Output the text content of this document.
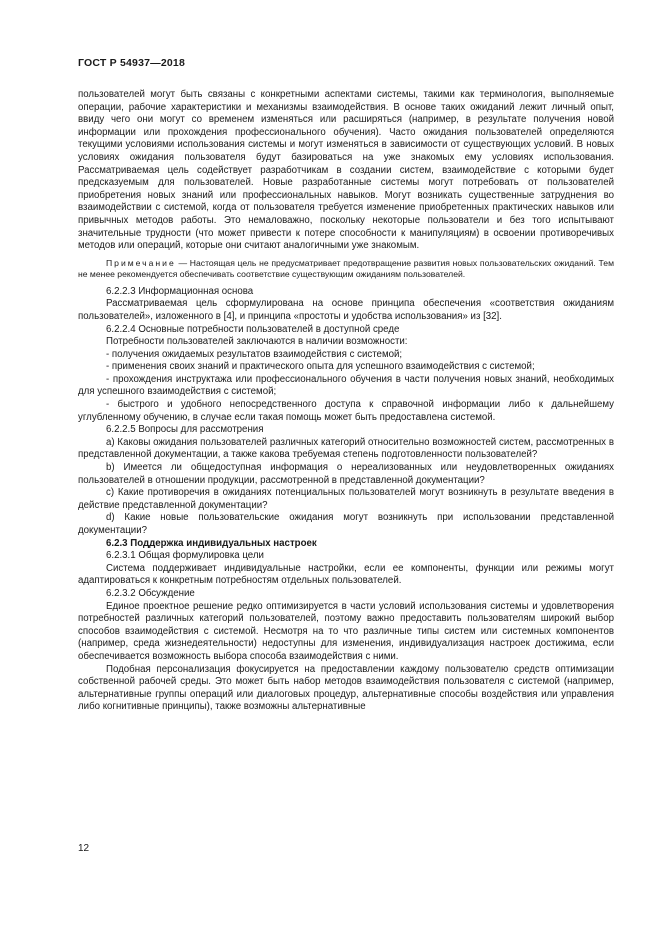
ГОСТ Р 54937—2018

пользователей могут быть связаны с конкретными аспектами системы, такими как терминология, выполняемые операции, рабочие характеристики и механизмы взаимодействия. В основе таких ожиданий лежит личный опыт, ввиду чего они могут со временем изменяться или расширяться (например, в результате получения новой информации или прохождения профессионального обучения). Часто ожидания пользователей определяются текущими условиями использования системы и могут изменяться в зависимости от существующих условий. В новых условиях ожидания пользователя будут базироваться на уже знакомых ему условиях использования. Рассматриваемая цель содействует разработчикам в создании систем, взаимодействие с которыми будет предсказуемым для пользователей. Новые разработанные системы могут потребовать от пользователей приобретения новых знаний или профессиональных навыков. Могут возникать существенные затруднения во взаимодействии с системой, когда от пользователя требуется изменение приобретенных практических навыков или привычных методов работы. Это немаловажно, поскольку некоторые пользователи и без того испытывают значительные трудности (что может привести к потере способности к манипуляциям) в освоении противоречивых методов или операций, которые они считают аналогичными уже знакомым.

Примечание — Настоящая цель не предусматривает предотвращение развития новых пользовательских ожиданий. Тем не менее рекомендуется обеспечивать соответствие существующим ожиданиям пользователей.

6.2.2.3 Информационная основа

Рассматриваемая цель сформулирована на основе принципа обеспечения «соответствия ожиданиям пользователей», изложенного в [4], и принципа «простоты и удобства использования» из [32].

6.2.2.4 Основные потребности пользователей в доступной среде

Потребности пользователей заключаются в наличии возможности:

- получения ожидаемых результатов взаимодействия с системой;

- применения своих знаний и практического опыта для успешного взаимодействия с системой;

- прохождения инструктажа или профессионального обучения в части получения новых знаний, необходимых для успешного взаимодействия с системой;

- быстрого и удобного непосредственного доступа к справочной информации либо к дальнейшему углубленному обучению, в случае если такая помощь может быть предоставлена системой.

6.2.2.5 Вопросы для рассмотрения

а) Каковы ожидания пользователей различных категорий относительно возможностей систем, рассмотренных в представленной документации, а также какова требуемая степень подготовленности пользователей?

b) Имеется ли общедоступная информация о нереализованных или неудовлетворенных ожиданиях пользователей в отношении продукции, рассмотренной в представленной документации?

c) Какие противоречия в ожиданиях потенциальных пользователей могут возникнуть в результате введения в действие представленной документации?

d) Какие новые пользовательские ожидания могут возникнуть при использовании представленной документации?

6.2.3 Поддержка индивидуальных настроек

6.2.3.1 Общая формулировка цели

Система поддерживает индивидуальные настройки, если ее компоненты, функции или режимы могут адаптироваться к конкретным потребностям отдельных пользователей.

6.2.3.2 Обсуждение

Единое проектное решение редко оптимизируется в части условий использования системы и удовлетворения потребностей различных категорий пользователей, поэтому важно предоставить пользователям широкий выбор способов взаимодействия с системой. Несмотря на то что различные типы систем или системных компонентов (например, среда жизнедеятельности) недоступны для изменения, индивидуализация настроек достижима, если обеспечивается возможность выбора способа взаимодействия с ними.

Подобная персонализация фокусируется на предоставлении каждому пользователю средств оптимизации собственной рабочей среды. Это может быть набор методов взаимодействия пользователя с системой (например, альтернативные группы операций или диалоговых процедур, альтернативные способы воздействия или управления либо когнитивные принципы), также возможны альтернативные

12
